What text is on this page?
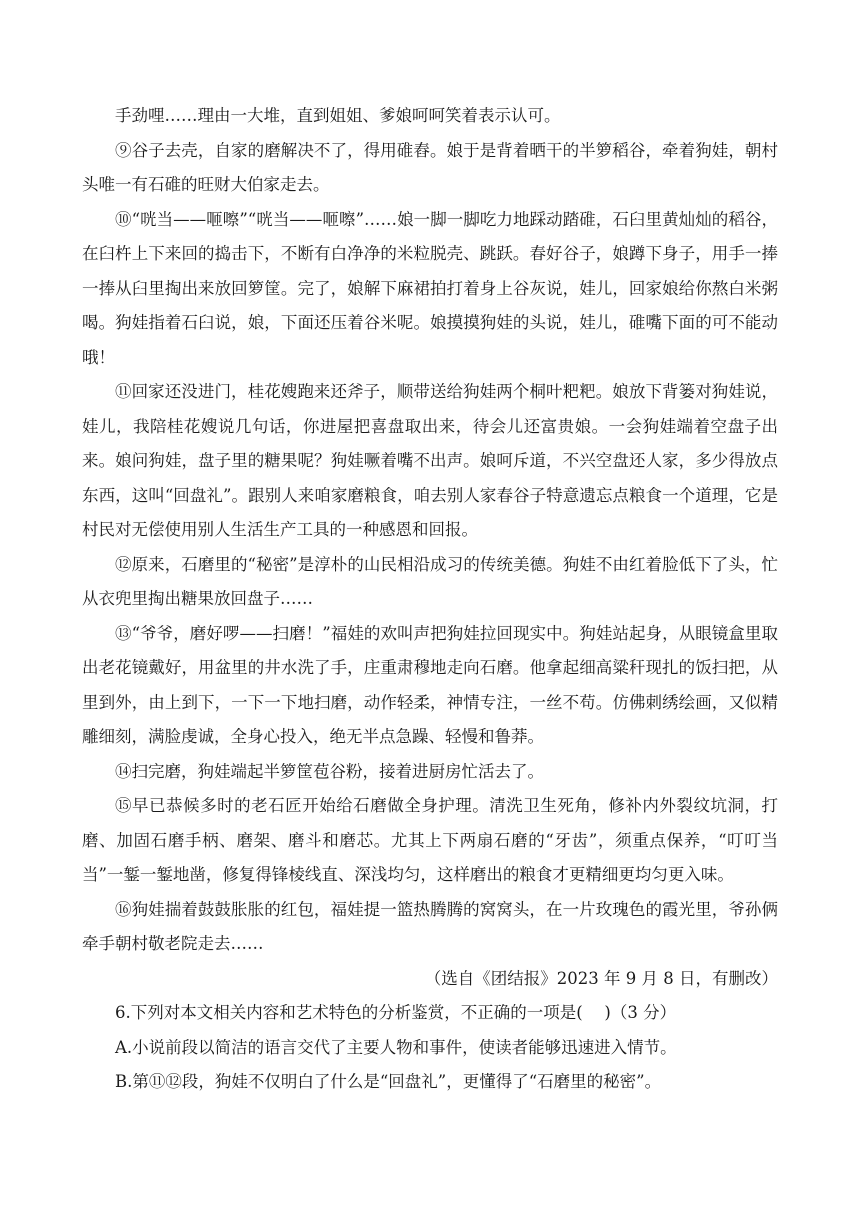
手劲哩……理由一大堆，直到姐姐、爹娘呵呵笑着表示认可。

⑨谷子去壳，自家的磨解决不了，得用碓舂。娘于是背着晒干的半箩稻谷，牵着狗娃，朝村头唯一有石碓的旺财大伯家走去。

⑩“咣当——咂嚓”“咣当——咂嚓”……娘一脚一脚吃力地踩动踏碓，石臼里黄灿灿的稻谷，在臼杵上下来回的捣击下，不断有白净净的米粒脱壳、跳跃。春好谷子，娘蹲下身子，用手一捧一捧从臼里掏出来放回箩筐。完了，娘解下麻裙拍打着身上谷灰说，娃儿，回家娘给你熬白米粥喝。狗娃指着石臼说，娘，下面还压着谷米呢。娘摸摸狗娃的头说，娃儿，碓嘴下面的可不能动哦！

⑪回家还没进门，桂花嫂跑来还斧子，顺带送给狗娃两个桐叶粑粑。娘放下背篓对狗娃说，娃儿，我陪桂花嫂说几句话，你进屋把喜盘取出来，待会儿还富贵娘。一会狗娃端着空盘子出来。娘问狗娃，盘子里的糖果呢？狗娃噘着嘴不出声。娘呵斥道，不兴空盘还人家，多少得放点东西，这叫“回盘礼”。跟别人来咱家磨粮食，咱去别人家春谷子特意遗忘点粮食一个道理，它是村民对无偿使用别人生活生产工具的一种感恩和回报。

⑫原来，石磨里的“秘密”是淳朴的山民相沿成习的传统美德。狗娃不由红着脸低下了头，忙从衣兜里掏出糖果放回盘子……

⑬“爷爷，磨好啰——扫磨！”福娃的欢叫声把狗娃拉回现实中。狗娃站起身，从眼镜盒里取出老花镜戴好，用盆里的井水洗了手，庄重肃穆地走向石磨。他拿起细高粱秆现扎的饭扫把，从里到外，由上到下，一下一下地扫磨，动作轻柔，神情专注，一丝不苟。仿佛刺绣绘画，又似精雕细刻，满脸虔诚，全身心投入，绝无半点急躁、轻慢和鲁莽。

⑭扫完磨，狗娃端起半箩筐苞谷粉，接着进厨房忙活去了。

⑮早已恭候多时的老石匠开始给石磨做全身护理。清洗卫生死角，修补内外裂纹坑洞，打磨、加固石磨手柄、磨架、磨斗和磨芯。尤其上下两扇石磨的“牙齿”，须重点保养，“叮叮当当”一錾一錾地凿，修复得锋棱线直、深浅均匀，这样磨出的粮食才更精细更均匀更入味。

⑯狗娃揣着鼓鼓胀胀的红包，福娃提一篮热腾腾的窝窝头，在一片玫瑰色的霞光里，爷孙俩牵手朝村敬老院走去……

（选自《团结报》2023 年 9 月 8 日，有删改）

6.下列对本文相关内容和艺术特色的分析鉴赏，不正确的一项是(　 )（3 分）

A.小说前段以简洁的语言交代了主要人物和事件，使读者能够迅速进入情节。

B.第⑪⑫段，狗娃不仅明白了什么是“回盘礼”，更懂得了“石磨里的秘密”。
